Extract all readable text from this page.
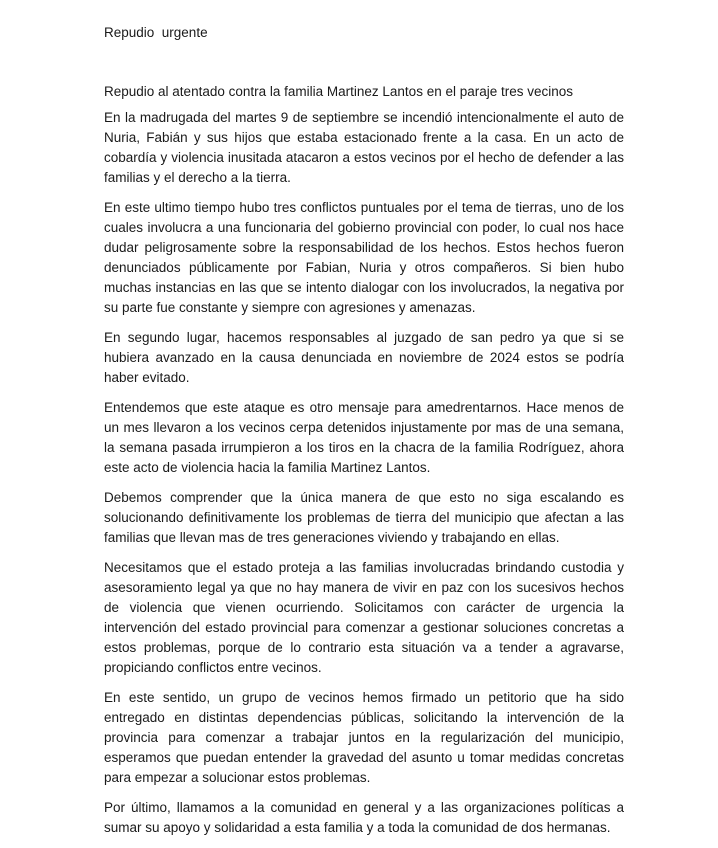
Repudio  urgente

Repudio al atentado contra la familia Martinez Lantos en el paraje tres vecinos

En la madrugada del martes 9 de septiembre se incendió intencionalmente el auto de Nuria, Fabián y sus hijos que estaba estacionado frente a la casa. En un acto de cobardía y violencia inusitada atacaron a estos vecinos por el hecho de defender a las familias y el derecho a la tierra.

En este ultimo tiempo hubo tres conflictos puntuales por el tema de tierras, uno de los cuales involucra a una funcionaria del gobierno provincial con poder, lo cual nos hace dudar peligrosamente sobre la responsabilidad de los hechos. Estos hechos fueron denunciados públicamente por Fabian, Nuria y otros compañeros. Si bien hubo muchas instancias en las que se intento dialogar con los involucrados, la negativa por su parte fue constante y siempre con agresiones y amenazas.

En segundo lugar, hacemos responsables al juzgado de san pedro ya que si se hubiera avanzado en la causa denunciada en noviembre de 2024 estos se podría haber evitado.

Entendemos que este ataque es otro mensaje para amedrentarnos. Hace menos de un mes llevaron a los vecinos cerpa detenidos injustamente por mas de una semana, la semana pasada irrumpieron a los tiros en la chacra de la familia Rodríguez, ahora este acto de violencia hacia la familia Martinez Lantos.

Debemos comprender que la única manera de que esto no siga escalando es solucionando definitivamente los problemas de tierra del municipio que afectan a las familias que llevan mas de tres generaciones viviendo y trabajando en ellas.

Necesitamos que el estado proteja a las familias involucradas brindando custodia y asesoramiento legal ya que no hay manera de vivir en paz con los sucesivos hechos de violencia que vienen ocurriendo. Solicitamos con carácter de urgencia la intervención del estado provincial para comenzar a gestionar soluciones concretas a estos problemas, porque de lo contrario esta situación va a tender a agravarse, propiciando conflictos entre vecinos.

En este sentido, un grupo de vecinos hemos firmado un petitorio que ha sido entregado en distintas dependencias públicas, solicitando la intervención de la provincia para comenzar a trabajar juntos en la regularización del municipio, esperamos que puedan entender la gravedad del asunto u tomar medidas concretas para empezar a solucionar estos problemas.

Por último, llamamos a la comunidad en general y a las organizaciones políticas a sumar su apoyo y solidaridad a esta familia y a toda la comunidad de dos hermanas.
